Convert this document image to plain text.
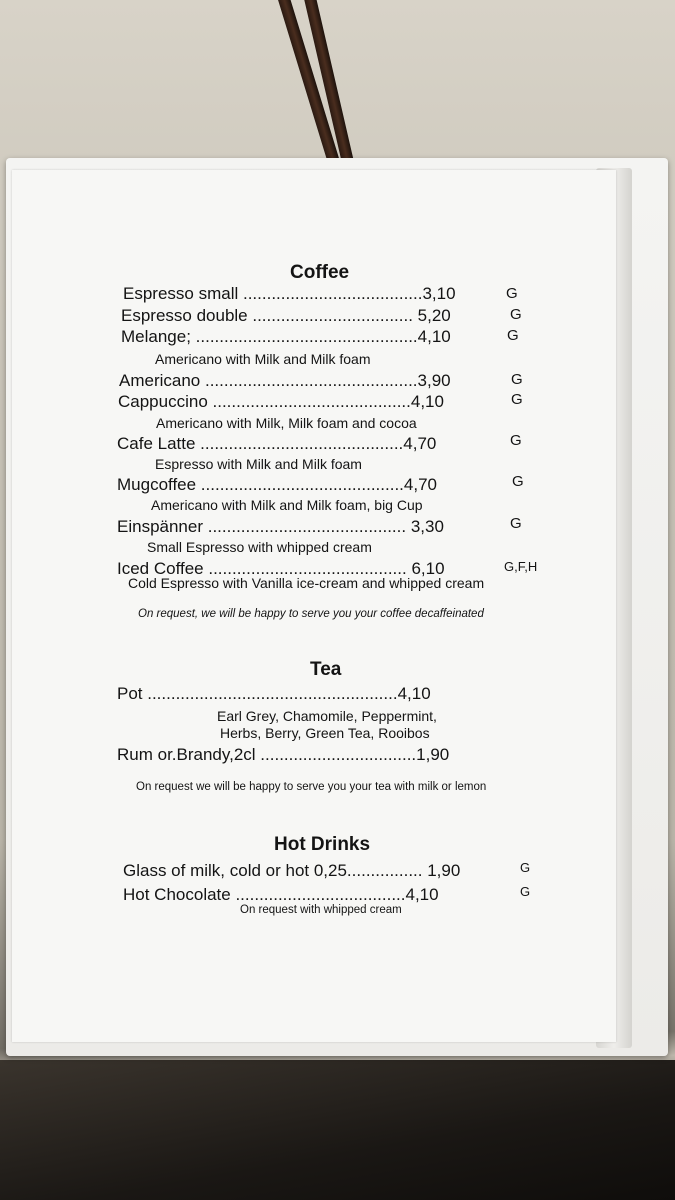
Coffee
Espresso small ......................................3,10	G
Espresso double .................................. 5,20	G
Melange; ...............................................4,10	G
Americano with Milk and Milk foam
Americano .............................................3,90	G
Cappuccino ..........................................4,10	G
Americano with Milk, Milk foam and cocoa
Cafe Latte ...........................................4,70	G
Espresso with Milk and Milk foam
Mugcoffee ...........................................4,70	G
Americano with Milk and Milk foam, big Cup
Einspänner .......................................... 3,30	G
Small Espresso with whipped cream
Iced Coffee .......................................... 6,10	G,F,H
Cold Espresso with Vanilla ice-cream and whipped cream
On request, we will be happy to serve you your coffee decaffeinated
Tea
Pot .....................................................4,10
Earl Grey, Chamomile, Peppermint,
Herbs, Berry, Green Tea, Rooibos
Rum or.Brandy,2cl .................................1,90
On request we will be happy to serve you your tea with milk or lemon
Hot Drinks
Glass of milk, cold or hot 0,25................ 1,90	G
Hot Chocolate ....................................4,10	G
On request with whipped cream
